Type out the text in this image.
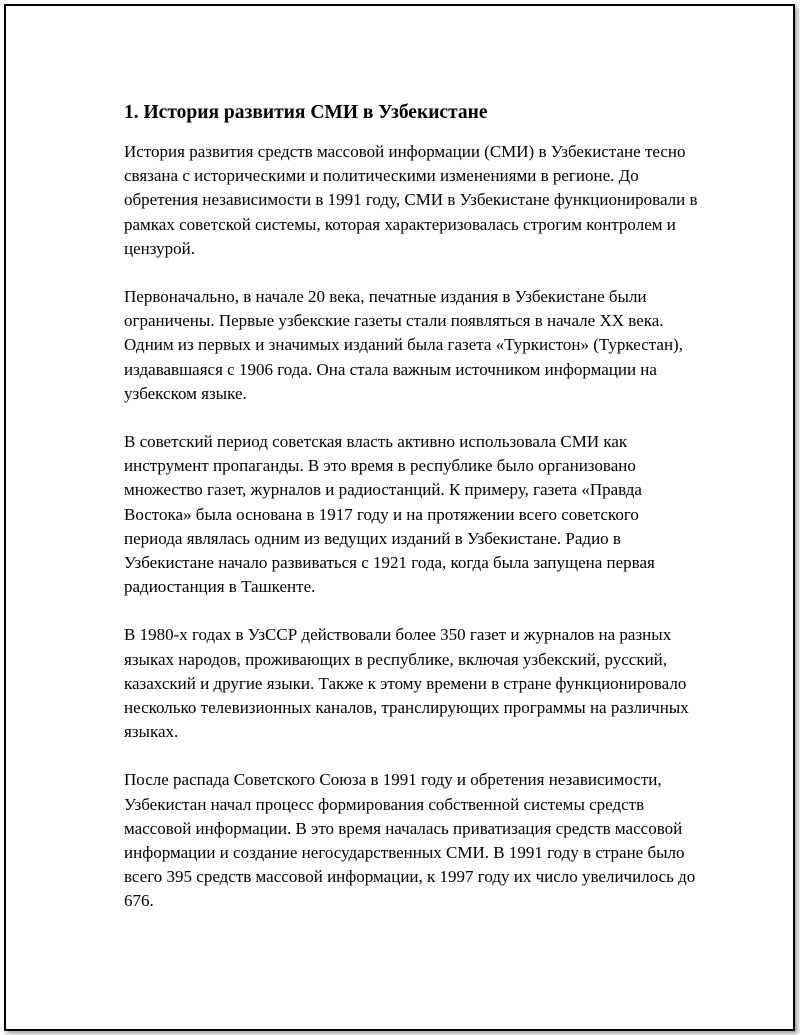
1. История развития СМИ в Узбекистане

История развития средств массовой информации (СМИ) в Узбекистане тесно связана с историческими и политическими изменениями в регионе. До обретения независимости в 1991 году, СМИ в Узбекистане функционировали в рамках советской системы, которая характеризовалась строгим контролем и цензурой.

Первоначально, в начале 20 века, печатные издания в Узбекистане были ограничены. Первые узбекские газеты стали появляться в начале XX века. Одним из первых и значимых изданий была газета «Туркистон» (Туркестан), издававшаяся с 1906 года. Она стала важным источником информации на узбекском языке.

В советский период советская власть активно использовала СМИ как инструмент пропаганды. В это время в республике было организовано множество газет, журналов и радиостанций. К примеру, газета «Правда Востока» была основана в 1917 году и на протяжении всего советского периода являлась одним из ведущих изданий в Узбекистане. Радио в Узбекистане начало развиваться с 1921 года, когда была запущена первая радиостанция в Ташкенте.

В 1980-х годах в УзССР действовали более 350 газет и журналов на разных языках народов, проживающих в республике, включая узбекский, русский, казахский и другие языки. Также к этому времени в стране функционировало несколько телевизионных каналов, транслирующих программы на различных языках.

После распада Советского Союза в 1991 году и обретения независимости, Узбекистан начал процесс формирования собственной системы средств массовой информации. В это время началась приватизация средств массовой информации и создание негосударственных СМИ. В 1991 году в стране было всего 395 средств массовой информации, к 1997 году их число увеличилось до 676.
